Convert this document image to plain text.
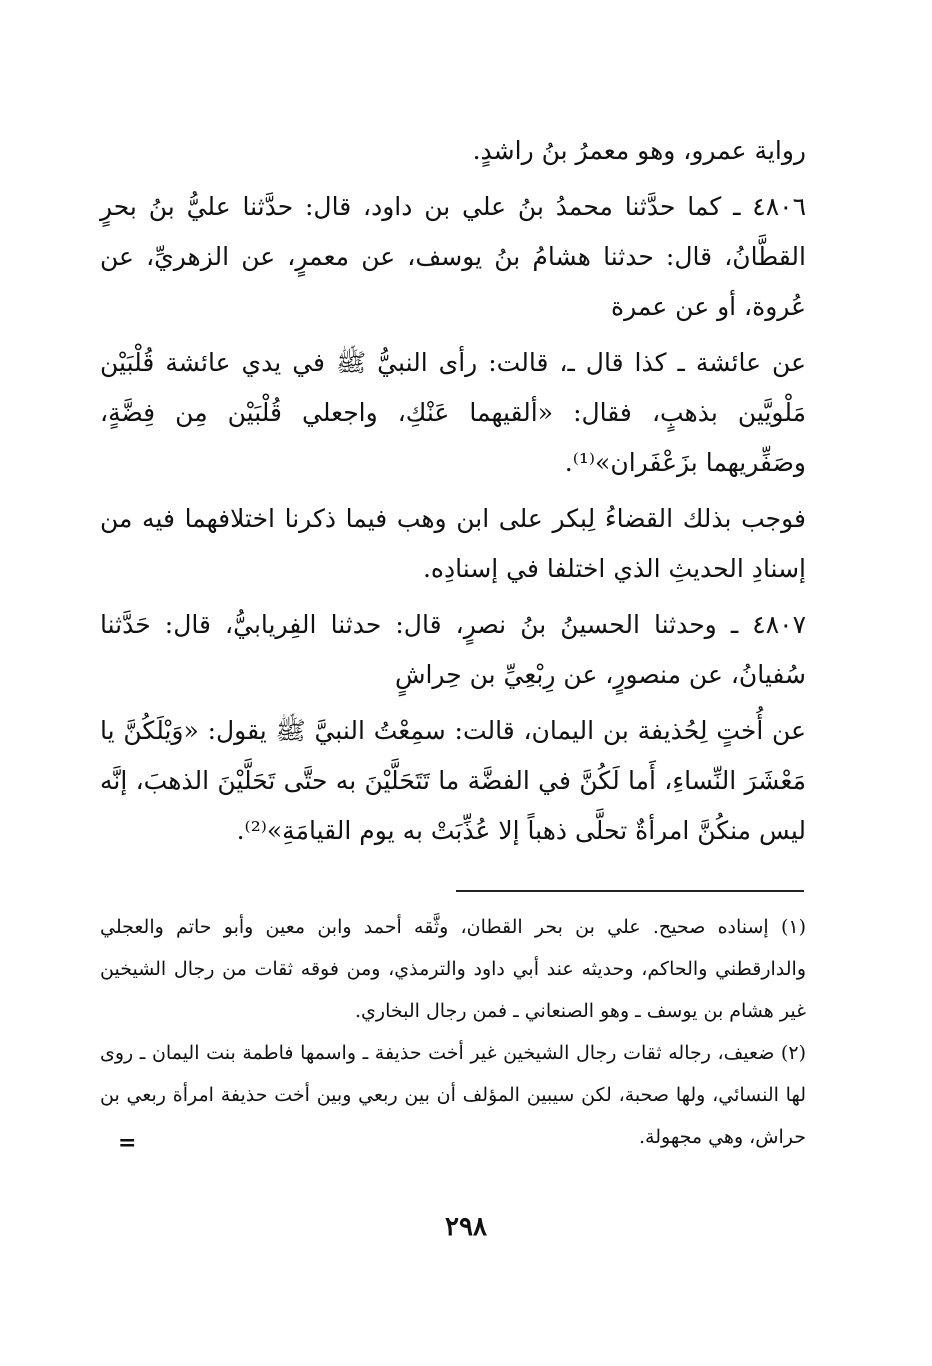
رواية عمرو، وهو معمرُ بنُ راشدٍ.

٤٨٠٦ ـ كما حدَّثنا محمدُ بنُ علي بن داود، قال: حدَّثنا عليُّ بنُ بحرٍ القطَّانُ، قال: حدثنا هشامُ بنُ يوسف، عن معمرٍ، عن الزهريِّ، عن عُروة، أو عن عمرة

عن عائشة ـ كذا قال ـ، قالت: رأى النبيُّ ﷺ في يدي عائشة قُلْبَيْن مَلْويَّين بذهبٍ، فقال: «ألقيهما عَنْكِ، واجعلي قُلْبَيْن مِن فِضَّةٍ، وصَفِّريهما بزَعْفَران»⁽¹⁾.

فوجب بذلك القضاءُ لِبكر على ابن وهب فيما ذكرنا اختلافهما فيه من إسنادِ الحديثِ الذي اختلفا في إسنادِه.

٤٨٠٧ ـ وحدثنا الحسينُ بنُ نصرٍ، قال: حدثنا الفِريابيُّ، قال: حَدَّثنا سُفيانُ، عن منصورٍ، عن رِبْعِيِّ بن حِراشٍ

عن أُختٍ لِحُذيفة بن اليمان، قالت: سمِعْتُ النبيَّ ﷺ يقول: «وَيْلَكُنَّ يا مَعْشَرَ النِّساءِ، أَما لَكُنَّ في الفضَّة ما تَتَحَلَّيْنَ به حتَّى تَحَلَّيْنَ الذهبَ، إنَّه ليس منكُنَّ امرأةٌ تحلَّى ذهباً إلا عُذِّبَتْ به يوم القيامَةِ»⁽²⁾.

(١) إسناده صحيح. علي بن بحر القطان، وثَّقه أحمد وابن معين وأبو حاتم والعجلي والدارقطني والحاكم، وحديثه عند أبي داود والترمذي، ومن فوقه ثقات من رجال الشيخين غير هشام بن يوسف ـ وهو الصنعاني ـ فمن رجال البخاري.

(٢) ضعيف، رجاله ثقات رجال الشيخين غير أخت حذيفة ـ واسمها فاطمة بنت اليمان ـ روى لها النسائي، ولها صحبة، لكن سيبين المؤلف أن بين ربعي وبين أخت حذيفة امرأة ربعي بن حراش، وهي مجهولة.

=
٢٩٨
